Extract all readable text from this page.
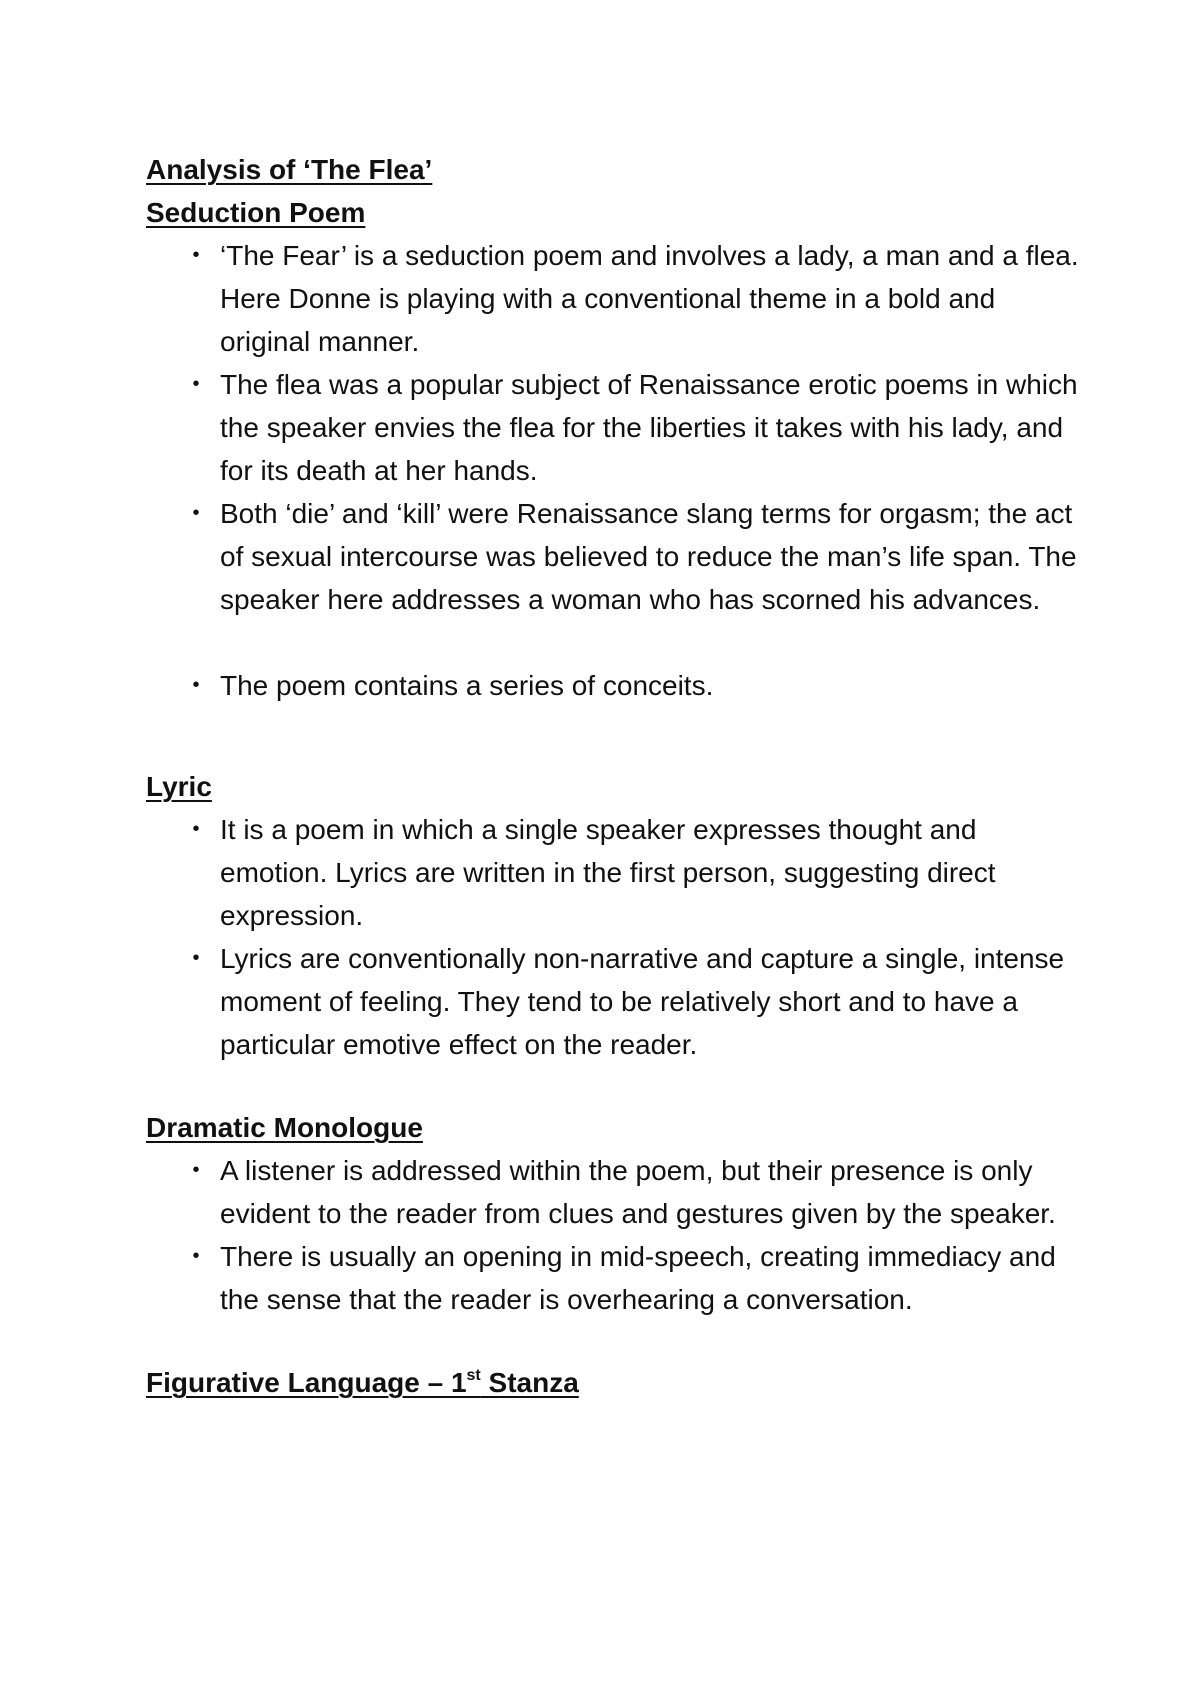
Analysis of ‘The Flea’

Seduction Poem

• ‘The Fear’ is a seduction poem and involves a lady, a man and a flea. Here Donne is playing with a conventional theme in a bold and original manner.
• The flea was a popular subject of Renaissance erotic poems in which the speaker envies the flea for the liberties it takes with his lady, and for its death at her hands.
• Both ‘die’ and ‘kill’ were Renaissance slang terms for orgasm; the act of sexual intercourse was believed to reduce the man’s life span. The speaker here addresses a woman who has scorned his advances.
• The poem contains a series of conceits.

Lyric

• It is a poem in which a single speaker expresses thought and emotion. Lyrics are written in the first person, suggesting direct expression.
• Lyrics are conventionally non-narrative and capture a single, intense moment of feeling. They tend to be relatively short and to have a particular emotive effect on the reader.

Dramatic Monologue

• A listener is addressed within the poem, but their presence is only evident to the reader from clues and gestures given by the speaker.
• There is usually an opening in mid-speech, creating immediacy and the sense that the reader is overhearing a conversation.

Figurative Language – 1st Stanza
